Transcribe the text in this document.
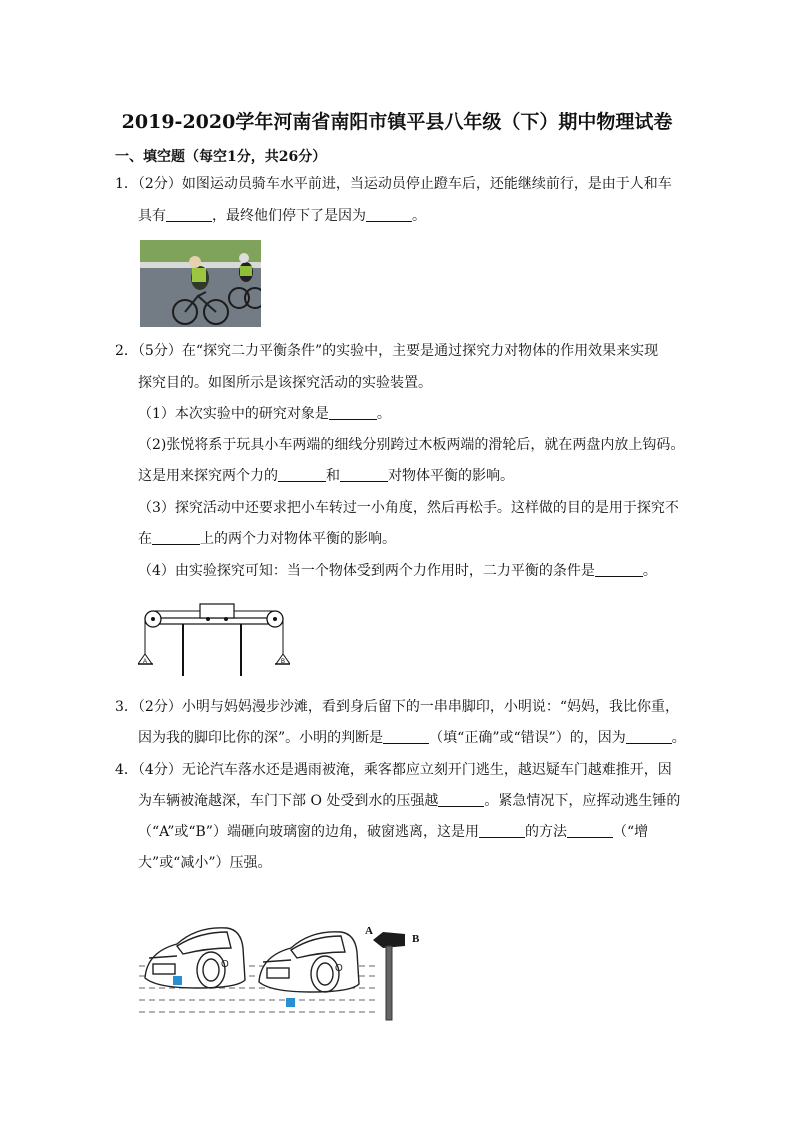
2019-2020学年河南省南阳市镇平县八年级（下）期中物理试卷
一、填空题（每空1分，共26分）
1．（2分）如图运动员骑车水平前进，当运动员停止蹬车后，还能继续前行，是由于人和车
具有	，最终他们停下了是因为	。
2．（5分）在“探究二力平衡条件”的实验中，主要是通过探究力对物体的作用效果来实现
探究目的。如图所示是该探究活动的实验装置。
（1）本次实验中的研究对象是	。
（2)张悦将系于玩具小车两端的细线分别跨过木板两端的滑轮后，就在两盘内放上钩码。
这是用来探究两个力的	和	对物体平衡的影响。
（3）探究活动中还要求把小车转过一小角度，然后再松手。这样做的目的是用于探究不
在	上的两个力对物体平衡的影响。
（4）由实验探究可知：当一个物体受到两个力作用时，二力平衡的条件是	。
A	B
3．（2分）小明与妈妈漫步沙滩，看到身后留下的一串串脚印，小明说：“妈妈，我比你重，
因为我的脚印比你的深”。小明的判断是	（填“正确”或“错误”）的，因为	。
4．（4分）无论汽车落水还是遇雨被淹，乘客都应立刻开门逃生，越迟疑车门越难推开，因
为车辆被淹越深，车门下部 O 处受到水的压强越	。紧急情况下，应挥动逃生锤的
（“A”或“B”）端砸向玻璃窗的边角，破窗逃离，这是用	的方法	（“增
大”或“减小”）压强。
O	O
A
B
